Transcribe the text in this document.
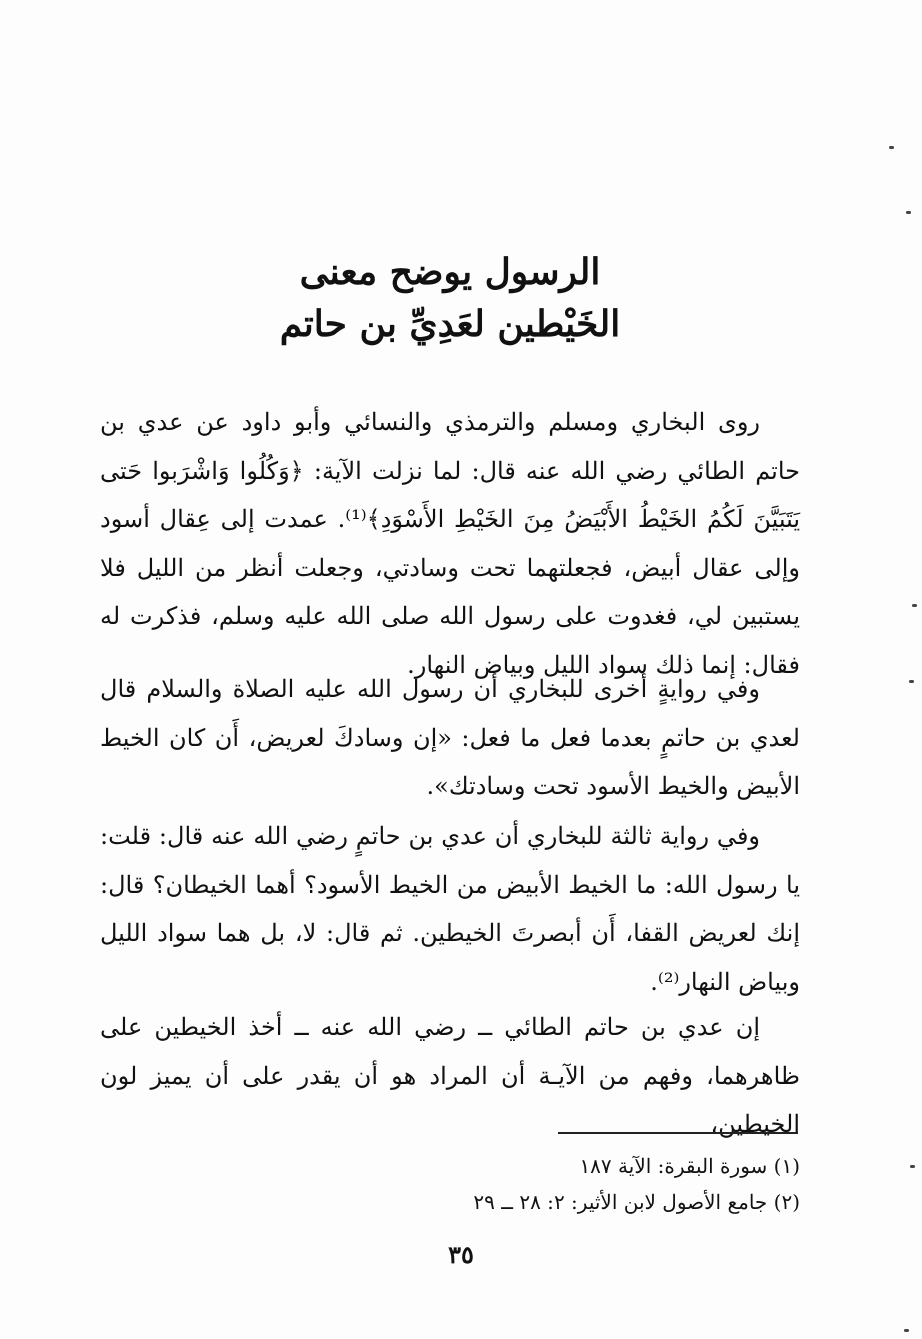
الرسول يوضح معنى
الخَيْطين لعَدِيِّ بن حاتم

روى البخاري ومسلم والترمذي والنسائي وأبو داود عن عدي بن حاتم الطائي رضي الله عنه قال: لما نزلت الآية: ﴿وَكُلُوا وَاشْرَبوا حَتى يَتَبَيَّنَ لَكُمُ الخَيْطُ الأَبْيَضُ مِنَ الخَيْطِ الأَسْوَدِ﴾⁽¹⁾. عمدت إلى عِقال أسود وإلى عقال أبيض، فجعلتهما تحت وسادتي، وجعلت أنظر من الليل فلا يستبين لي، فغدوت على رسول الله صلى الله عليه وسلم، فذكرت له فقال: إنما ذلك سواد الليل وبياض النهار.

وفي روايةٍ أخرى للبخاري أن رسول الله عليه الصلاة والسلام قال لعدي بن حاتمٍ بعدما فعل ما فعل: «إن وسادكَ لعريض، أَن كان الخيط الأبيض والخيط الأسود تحت وسادتك».

وفي رواية ثالثة للبخاري أن عدي بن حاتمٍ رضي الله عنه قال: قلت: يا رسول الله: ما الخيط الأبيض من الخيط الأسود؟ أهما الخيطان؟ قال: إنك لعريض القفا، أَن أبصرتَ الخيطين. ثم قال: لا، بل هما سواد الليل وبياض النهار⁽²⁾.

إن عدي بن حاتم الطائي ــ رضي الله عنه ــ أخذ الخيطين على ظاهرهما، وفهم من الآيـة أن المراد هو أن يقدر على أن يميز لون الخيطين،

(١) سورة البقرة: الآية ١٨٧

(٢) جامع الأصول لابن الأثير: ٢: ٢٨ ــ ٢٩

٣٥
